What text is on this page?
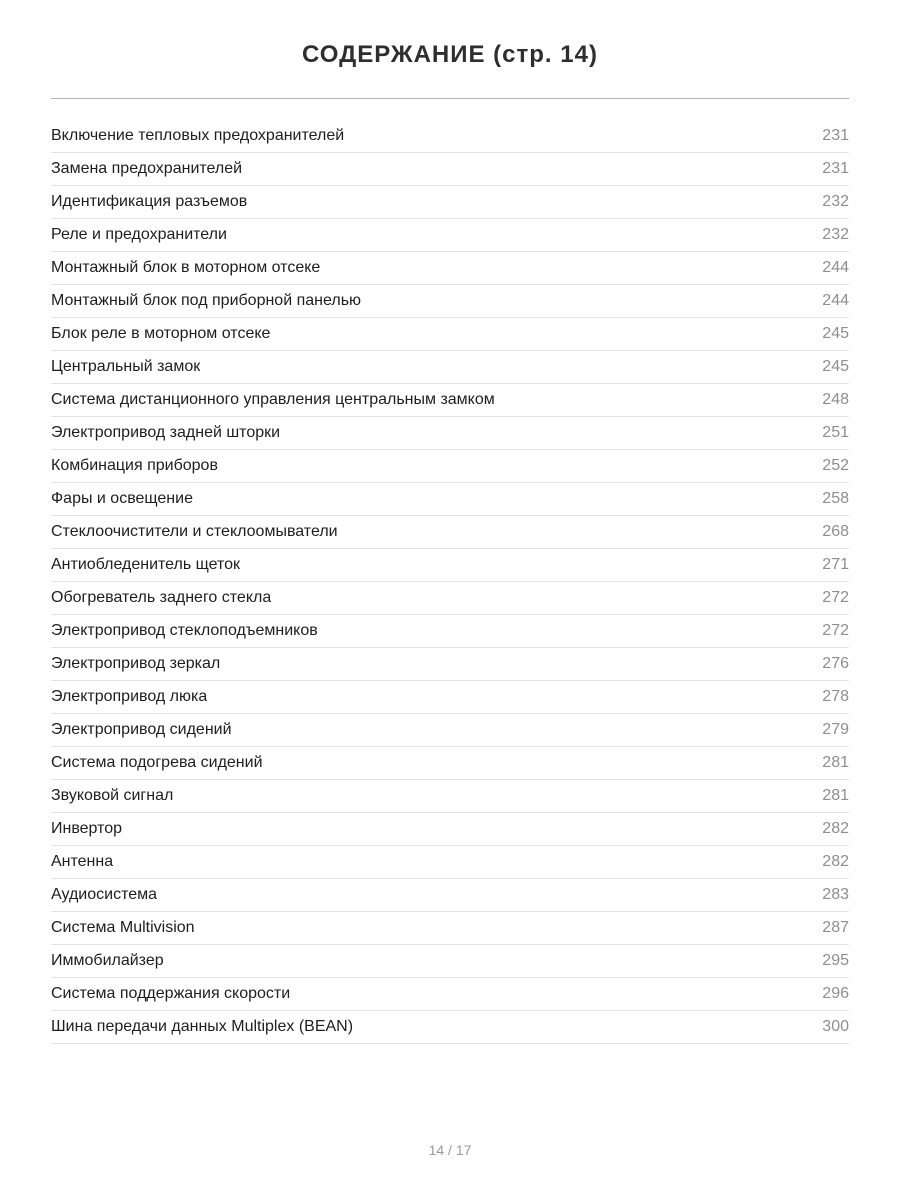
СОДЕРЖАНИЕ (стр. 14)
Включение тепловых предохранителей	231
Замена предохранителей	231
Идентификация разъемов	232
Реле и предохранители	232
Монтажный блок в моторном отсеке	244
Монтажный блок под приборной панелью	244
Блок реле в моторном отсеке	245
Центральный замок	245
Система дистанционного управления центральным замком	248
Электропривод задней шторки	251
Комбинация приборов	252
Фары и освещение	258
Стеклоочистители и стеклоомыватели	268
Антиобледенитель щеток	271
Обогреватель заднего стекла	272
Электропривод стеклоподъемников	272
Электропривод зеркал	276
Электропривод люка	278
Электропривод сидений	279
Система подогрева сидений	281
Звуковой сигнал	281
Инвертор	282
Антенна	282
Аудиосистема	283
Система Multivision	287
Иммобилайзер	295
Система поддержания скорости	296
Шина передачи данных Multiplex (BEAN)	300
14 / 17
